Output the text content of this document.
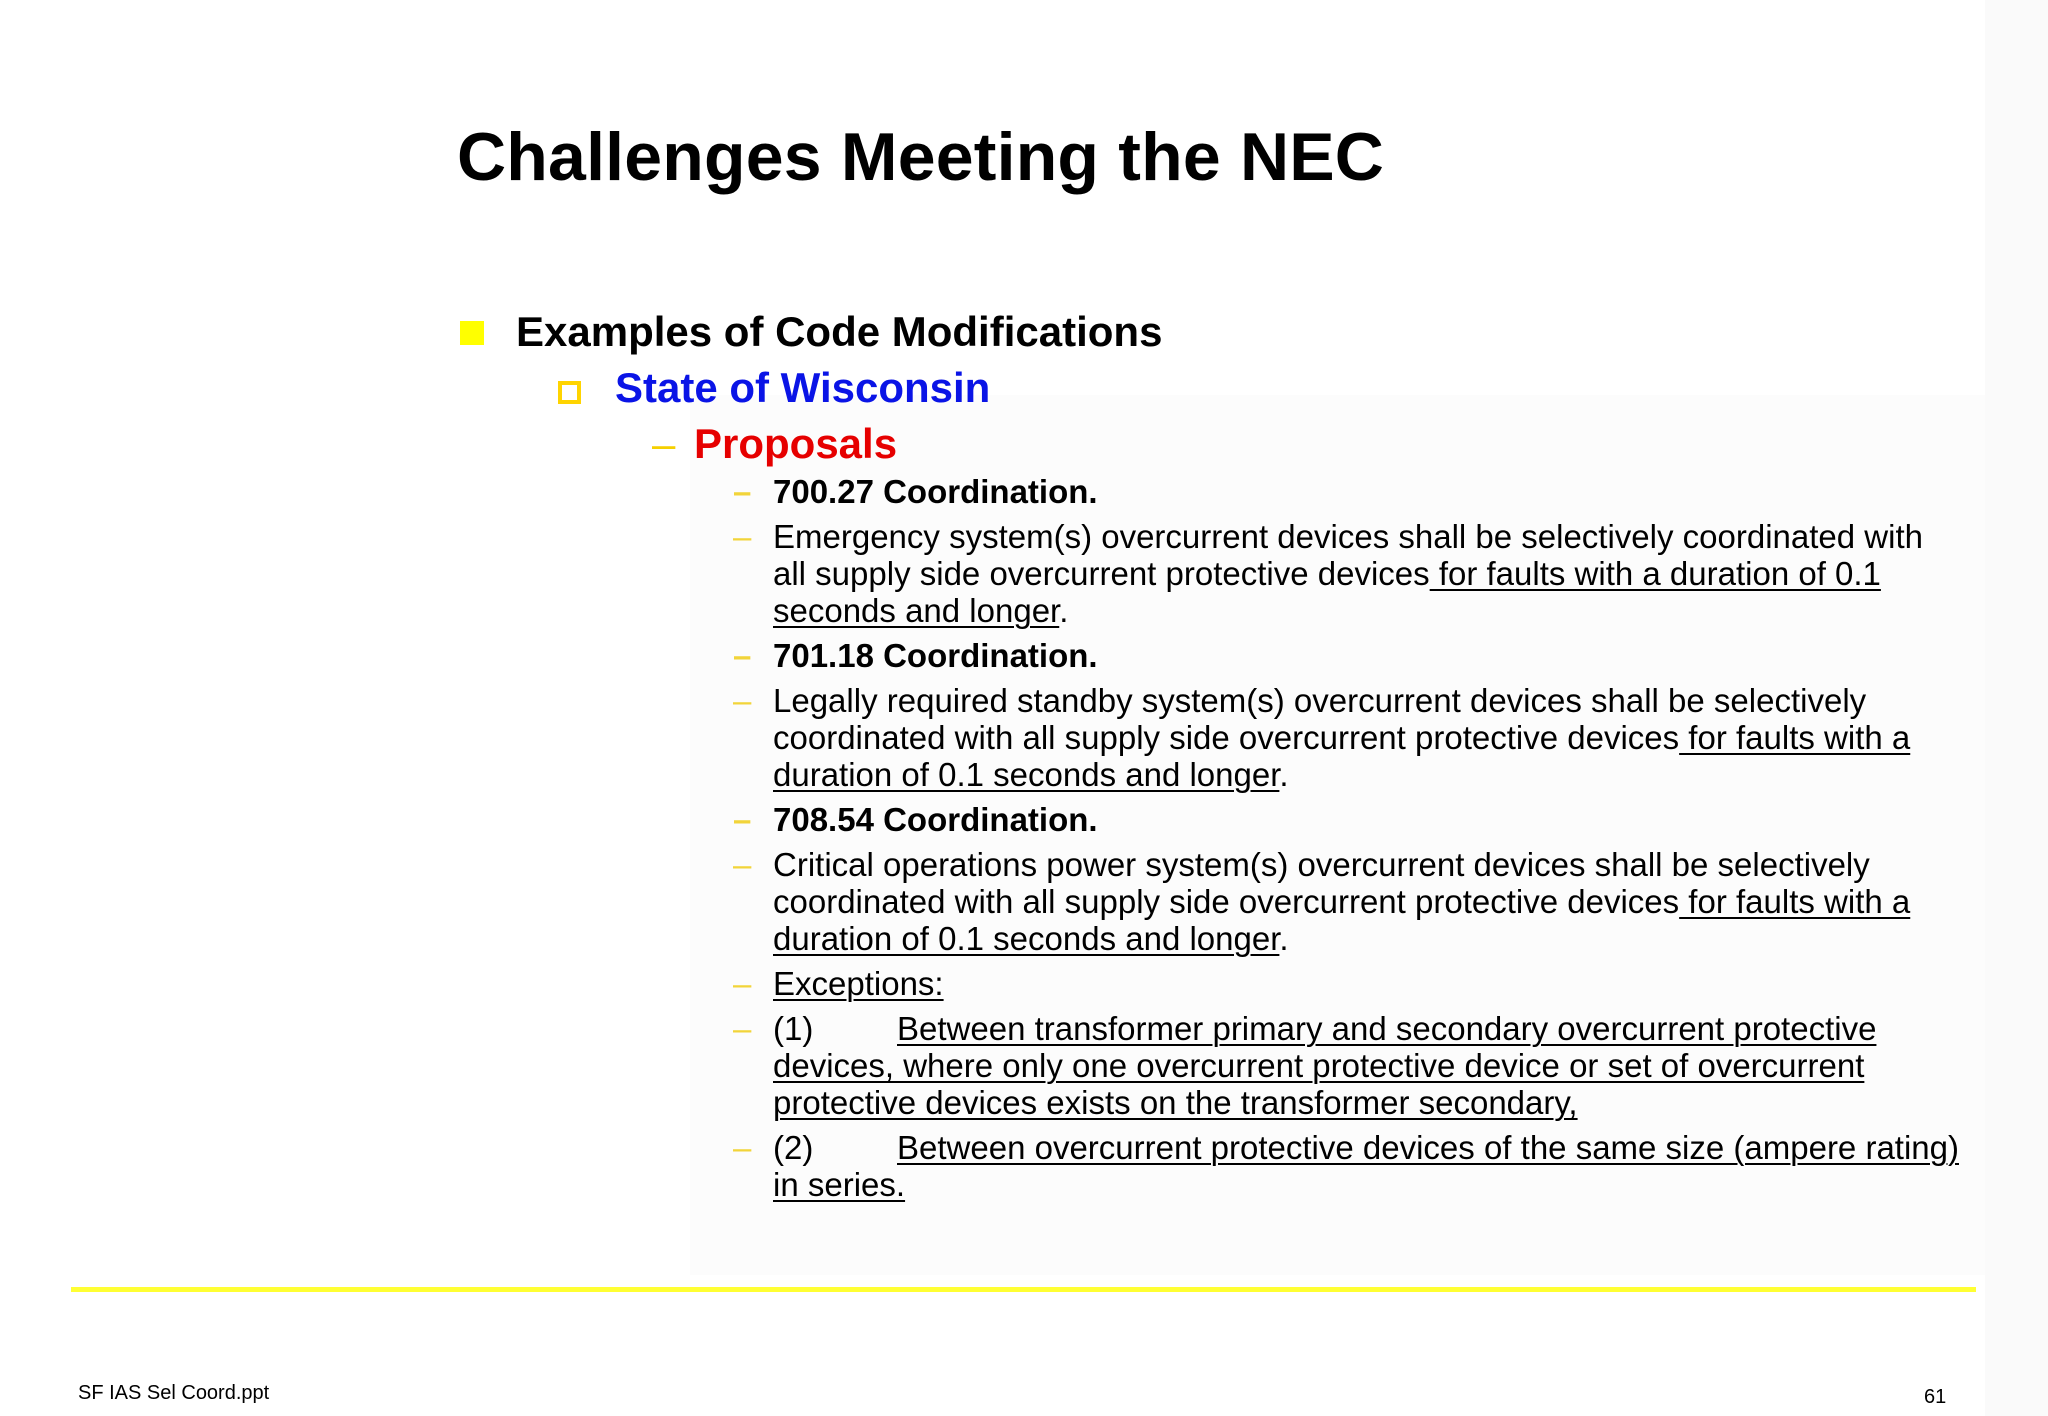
Challenges Meeting the NEC
Examples of Code Modifications
State of Wisconsin
– Proposals
– 700.27 Coordination.
– Emergency system(s) overcurrent devices shall be selectively coordinated with all supply side overcurrent protective devices for faults with a duration of 0.1 seconds and longer.
– 701.18 Coordination.
– Legally required standby system(s) overcurrent devices shall be selectively coordinated with all supply side overcurrent protective devices for faults with a duration of 0.1 seconds and longer.
– 708.54 Coordination.
– Critical operations power system(s) overcurrent devices shall be selectively coordinated with all supply side overcurrent protective devices for faults with a duration of 0.1 seconds and longer.
– Exceptions:
– (1)	Between transformer primary and secondary overcurrent protective devices, where only one overcurrent protective device or set of overcurrent protective devices exists on the transformer secondary,
– (2)	Between overcurrent protective devices of the same size (ampere rating) in series.
SF IAS Sel Coord.ppt	61
